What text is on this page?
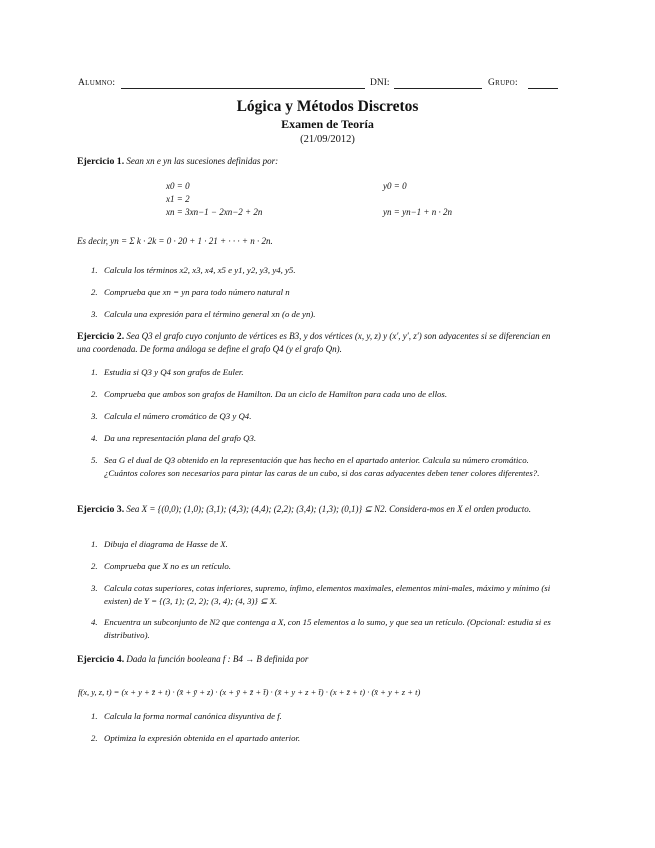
Alumno:	DNI:	Grupo:
Lógica y Métodos Discretos
Examen de Teoría
(21/09/2012)
Ejercicio 1. Sean xn e yn las sucesiones definidas por:
x0 = 0
x1 = 2
xn = 3xn−1 − 2xn−2 + 2n
y0 = 0
yn = yn−1 + n · 2n
Es decir, yn = Σ k · 2k = 0 · 20 + 1 · 21 + · · · + n · 2n.
1. Calcula los términos x2, x3, x4, x5 e y1, y2, y3, y4, y5.
2. Comprueba que xn = yn para todo número natural n
3. Calcula una expresión para el término general xn (o de yn).
Ejercicio 2. Sea Q3 el grafo cuyo conjunto de vértices es B3, y dos vértices (x, y, z) y (x′, y′, z′) son adyacentes si se diferencian en una coordenada. De forma análoga se define el grafo Q4 (y el grafo Qn).
1. Estudia si Q3 y Q4 son grafos de Euler.
2. Comprueba que ambos son grafos de Hamilton. Da un ciclo de Hamilton para cada uno de ellos.
3. Calcula el número cromático de Q3 y Q4.
4. Da una representación plana del grafo Q3.
5. Sea G el dual de Q3 obtenido en la representación que has hecho en el apartado anterior. Calcula su número cromático. ¿Cuántos colores son necesarios para pintar las caras de un cubo, si dos caras adyacentes deben tener colores diferentes?.
Ejercicio 3. Sea X = {(0,0); (1,0); (3,1); (4,3); (4,4); (2,2); (3,4); (1,3); (0,1)} ⊆ N2. Considera-mos en X el orden producto.
1. Dibuja el diagrama de Hasse de X.
2. Comprueba que X no es un retículo.
3. Calcula cotas superiores, cotas inferiores, supremo, ínfimo, elementos maximales, elementos mini-males, máximo y mínimo (si existen) de Y = {(3, 1); (2, 2); (3, 4); (4, 3)} ⊆ X.
4. Encuentra un subconjunto de N2 que contenga a X, con 15 elementos a lo sumo, y que sea un retículo. (Opcional: estudia si es distributivo).
Ejercicio 4. Dada la función booleana f : B4 → B definida por
f(x, y, z, t) = (x + y + z̄ + t) · (x̄ + ȳ + z) · (x + ȳ + z̄ + t̄) · (x̄ + y + z + t̄) · (x + z̄ + t) · (x̄ + y + z + t)
1. Calcula la forma normal canónica disyuntiva de f.
2. Optimiza la expresión obtenida en el apartado anterior.
